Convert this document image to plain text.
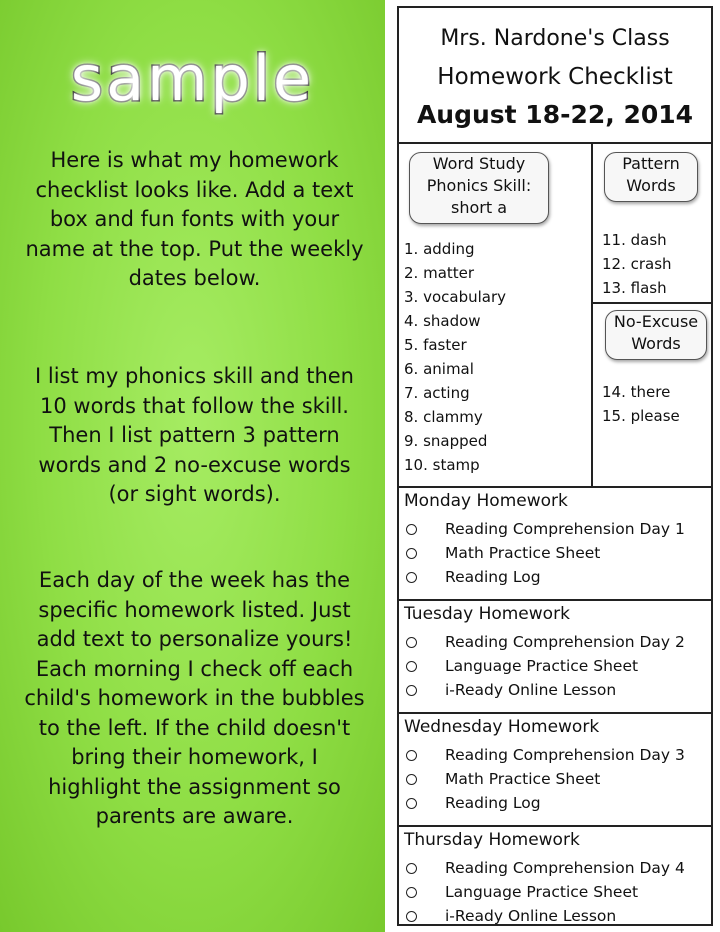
sample

Here is what my homework checklist looks like. Add a text box and fun fonts with your name at the top. Put the weekly dates below.

I list my phonics skill and then 10 words that follow the skill. Then I list pattern 3 pattern words and 2 no-excuse words (or sight words).

Each day of the week has the specific homework listed. Just add text to personalize yours! Each morning I check off each child's homework in the bubbles to the left. If the child doesn't bring their homework, I highlight the assignment so parents are aware.

Mrs. Nardone's Class
Homework Checklist
August 18-22, 2014
Word Study
Phonics Skill:
short a
1. adding
2. matter
3. vocabulary
4. shadow
5. faster
6. animal
7. acting
8. clammy
9. snapped
10. stamp
Pattern
Words
11. dash
12. crash
13. flash
No-Excuse
Words
14. there
15. please
Monday Homework
Reading Comprehension Day 1
Math Practice Sheet
Reading Log
Tuesday Homework
Reading Comprehension Day 2
Language Practice Sheet
i-Ready Online Lesson
Wednesday Homework
Reading Comprehension Day 3
Math Practice Sheet
Reading Log
Thursday Homework
Reading Comprehension Day 4
Language Practice Sheet
i-Ready Online Lesson
